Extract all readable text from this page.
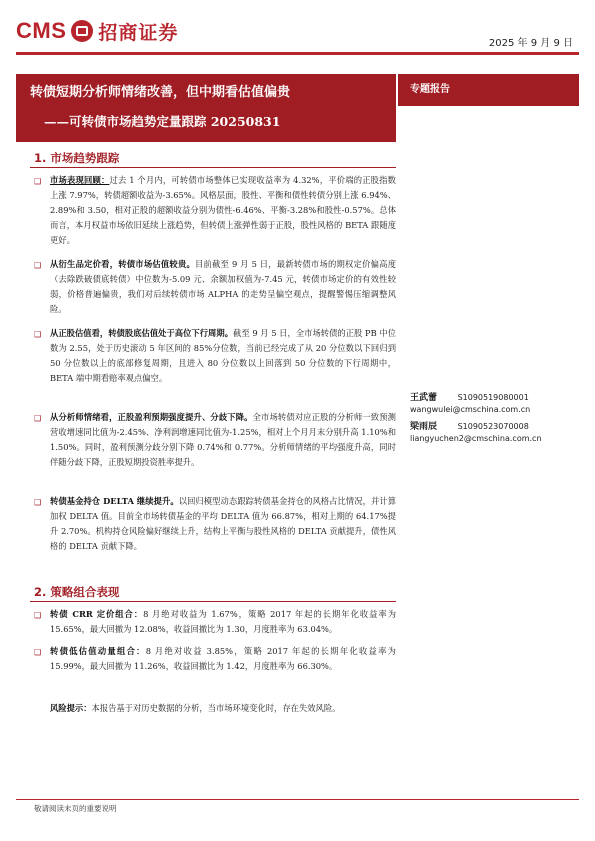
CMS 招商证券	2025 年 9 月 9 日
转债短期分析师情绪改善，但中期看估值偏贵
——可转债市场趋势定量跟踪 20250831
专题报告
1. 市场趋势跟踪
❑ 市场表现回顾：过去 1 个月内，可转债市场整体已实现收益率为 4.32%，平价端的正股指数上涨 7.97%，转债超额收益为-3.65%。风格层面，股性、平衡和债性转债分别上涨 6.94%、2.89%和 3.50，相对正股的超额收益分别为债性-6.46%、平衡-3.28%和股性-0.57%。总体而言，本月权益市场依旧延续上涨趋势，但转债上涨弹性弱于正股，股性风格的 BETA 跟随度更好。
❑ 从衍生品定价看，转债市场估值较贵。目前截至 9 月 5 日，最新转债市场的期权定价偏高度（去除跌破债底转债）中位数为-5.09 元、余额加权值为-7.45 元，转债市场定价的有效性较弱，价格普遍偏贵，我们对后续转债市场 ALPHA 的走势呈偏空观点，提醒警惕压缩调整风险。
❑ 从正股估值看，转债股底估值处于高位下行周期。截至 9 月 5 日，全市场转债的正股 PB 中位数为 2.55，处于历史滚动 5 年区间的 85%分位数，当前已经完成了从 20 分位数以下回归到 50 分位数以上的底部修复周期，且进入 80 分位数以上回落到 50 分位数的下行周期中，BETA 端中期看赔率观点偏空。
❑ 从分析师情绪看，正股盈利预期强度提升、分歧下降。全市场转债对应正股的分析师一致预测营收增速同比值为-2.45%、净利润增速同比值为-1.25%，相对上个月月末分别升高 1.10%和 1.50%。同时，盈利预测分歧分别下降 0.74%和 0.77%。分析师情绪的平均强度升高，同时伴随分歧下降，正股短期投资胜率提升。
❑ 转债基金持仓 DELTA 继续提升。以回归模型动态跟踪转债基金持仓的风格占比情况，并计算加权 DELTA 值。目前全市场转债基金的平均 DELTA 值为 66.87%，相对上期的 64.17%提升 2.70%。机构持仓风险偏好继续上升，结构上平衡与股性风格的 DELTA 贡献提升，债性风格的 DELTA 贡献下降。
2. 策略组合表现
❑ 转债 CRR 定价组合：8 月绝对收益为 1.67%，策略 2017 年起的长期年化收益率为 15.65%，最大回撤为 12.08%，收益回撤比为 1.30，月度胜率为 63.04%。
❑ 转债低估值动量组合：8 月绝对收益 3.85%，策略 2017 年起的长期年化收益率为 15.99%，最大回撤为 11.26%，收益回撤比为 1.42，月度胜率为 66.30%。
风险提示：本报告基于对历史数据的分析，当市场环境变化时，存在失效风险。
王武蕾	S1090519080001
wangwulei@cmschina.com.cn
梁雨辰	S1090523070008
liangyuchen2@cmschina.com.cn
敬请阅读末页的重要说明
